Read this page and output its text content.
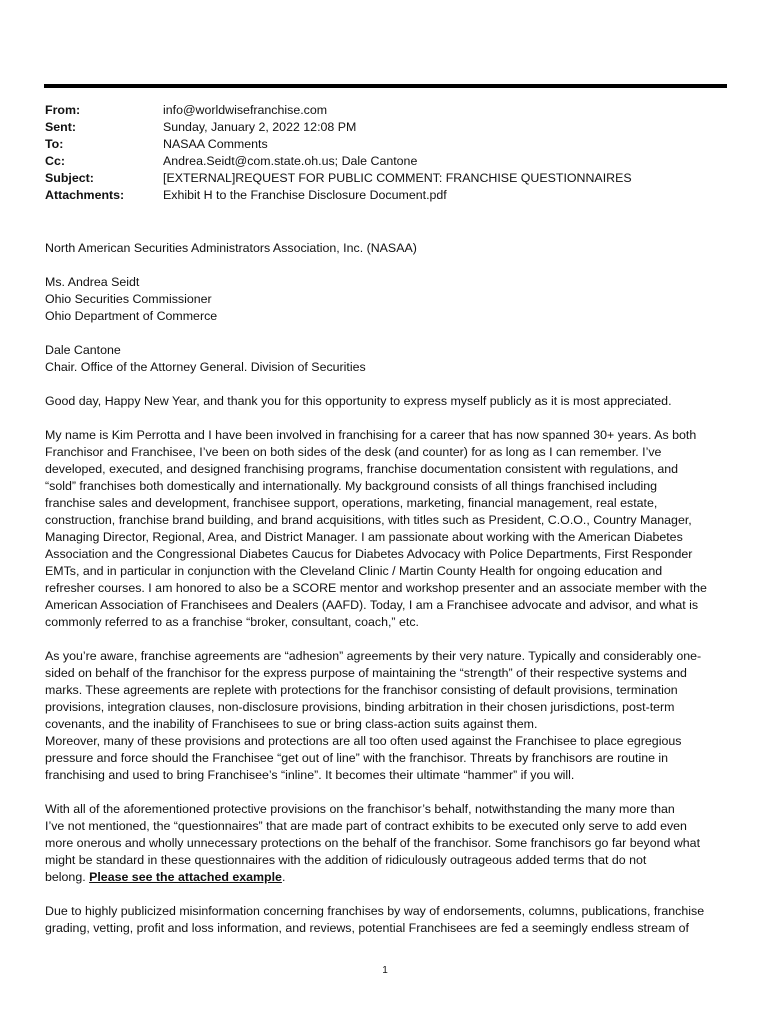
From:	info@worldwisefranchise.com
Sent:	Sunday, January 2, 2022 12:08 PM
To:	NASAA Comments
Cc:	Andrea.Seidt@com.state.oh.us; Dale Cantone
Subject:	[EXTERNAL]REQUEST FOR PUBLIC COMMENT: FRANCHISE QUESTIONNAIRES
Attachments:	Exhibit H to the Franchise Disclosure Document.pdf

North American Securities Administrators Association, Inc. (NASAA)

Ms. Andrea Seidt
Ohio Securities Commissioner
Ohio Department of Commerce

Dale Cantone
Chair. Office of the Attorney General. Division of Securities

Good day, Happy New Year, and thank you for this opportunity to express myself publicly as it is most appreciated.

My name is Kim Perrotta and I have been involved in franchising for a career that has now spanned 30+ years. As both
Franchisor and Franchisee, I’ve been on both sides of the desk (and counter) for as long as I can remember. I’ve
developed, executed, and designed franchising programs, franchise documentation consistent with regulations, and
“sold” franchises both domestically and internationally. My background consists of all things franchised including
franchise sales and development, franchisee support, operations, marketing, financial management, real estate,
construction, franchise brand building, and brand acquisitions, with titles such as President, C.O.O., Country Manager,
Managing Director, Regional, Area, and District Manager. I am passionate about working with the American Diabetes
Association and the Congressional Diabetes Caucus for Diabetes Advocacy with Police Departments, First Responder
EMTs, and in particular in conjunction with the Cleveland Clinic / Martin County Health for ongoing education and
refresher courses. I am honored to also be a SCORE mentor and workshop presenter and an associate member with the
American Association of Franchisees and Dealers (AAFD). Today, I am a Franchisee advocate and advisor, and what is
commonly referred to as a franchise “broker, consultant, coach,” etc.

As you’re aware, franchise agreements are “adhesion” agreements by their very nature. Typically and considerably one-
sided on behalf of the franchisor for the express purpose of maintaining the “strength” of their respective systems and
marks. These agreements are replete with protections for the franchisor consisting of default provisions, termination
provisions, integration clauses, non-disclosure provisions, binding arbitration in their chosen jurisdictions, post-term
covenants, and the inability of Franchisees to sue or bring class-action suits against them.

Moreover, many of these provisions and protections are all too often used against the Franchisee to place egregious
pressure and force should the Franchisee “get out of line” with the franchisor. Threats by franchisors are routine in
franchising and used to bring Franchisee’s “inline”. It becomes their ultimate “hammer” if you will.

With all of the aforementioned protective provisions on the franchisor’s behalf, notwithstanding the many more than
I’ve not mentioned, the “questionnaires” that are made part of contract exhibits to be executed only serve to add even
more onerous and wholly unnecessary protections on the behalf of the franchisor. Some franchisors go far beyond what
might be standard in these questionnaires with the addition of ridiculously outrageous added terms that do not
belong. Please see the attached example.

Due to highly publicized misinformation concerning franchises by way of endorsements, columns, publications, franchise
grading, vetting, profit and loss information, and reviews, potential Franchisees are fed a seemingly endless stream of

1
